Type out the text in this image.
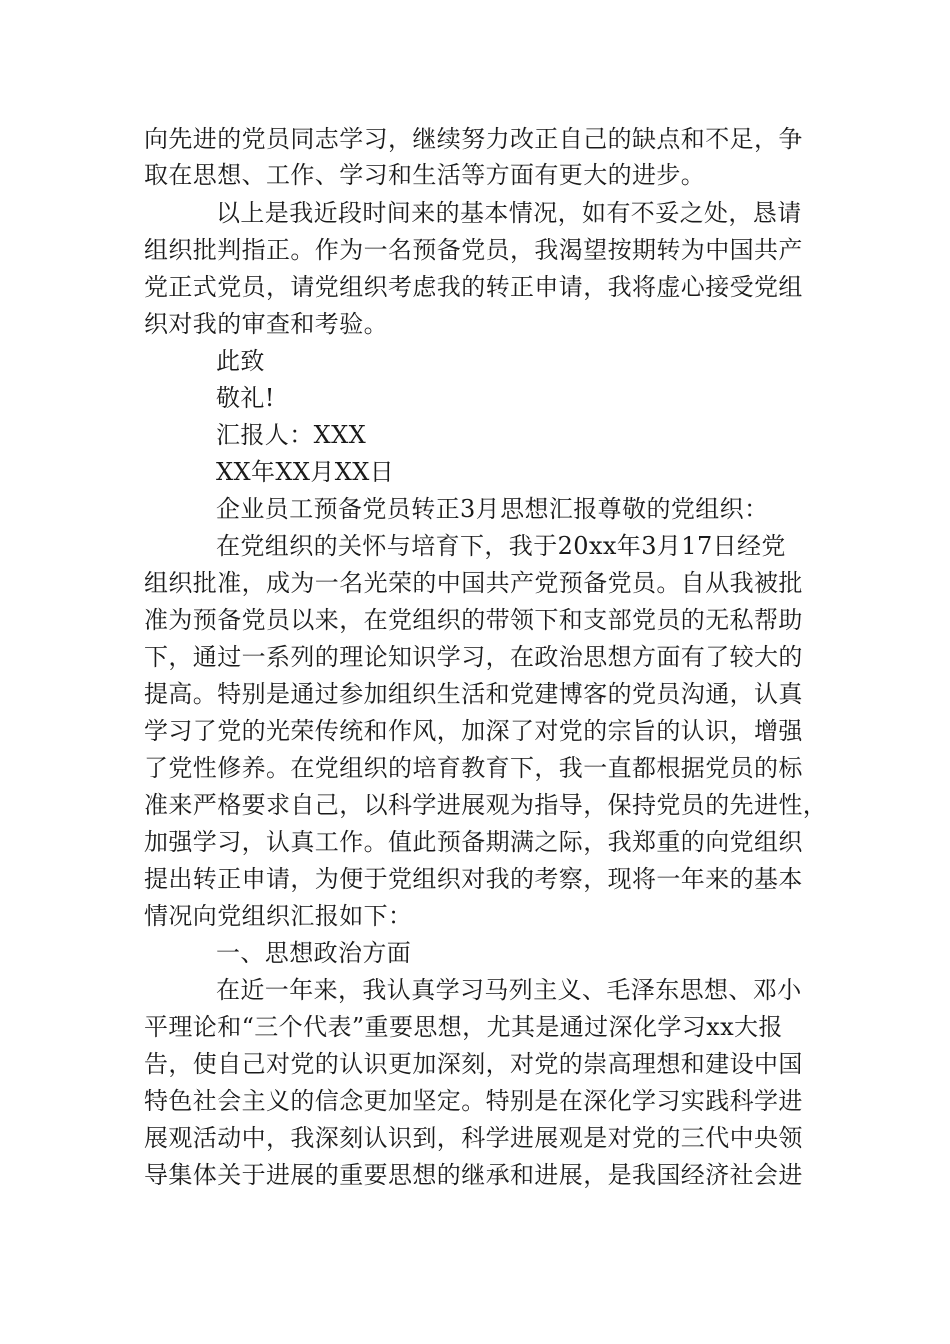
向先进的党员同志学习，继续努力改正自己的缺点和不足，争
取在思想、工作、学习和生活等方面有更大的进步。
以上是我近段时间来的基本情况，如有不妥之处，恳请
组织批判指正。作为一名预备党员，我渴望按期转为中国共产
党正式党员，请党组织考虑我的转正申请，我将虚心接受党组
织对我的审查和考验。
此致
敬礼!
汇报人：XXX
XX年XX月XX日
企业员工预备党员转正3月思想汇报尊敬的党组织：
在党组织的关怀与培育下，我于20xx年3月17日经党
组织批准，成为一名光荣的中国共产党预备党员。自从我被批
准为预备党员以来，在党组织的带领下和支部党员的无私帮助
下，通过一系列的理论知识学习，在政治思想方面有了较大的
提高。特别是通过参加组织生活和党建博客的党员沟通，认真
学习了党的光荣传统和作风，加深了对党的宗旨的认识，增强
了党性修养。在党组织的培育教育下，我一直都根据党员的标
准来严格要求自己，以科学进展观为指导，保持党员的先进性，
加强学习，认真工作。值此预备期满之际，我郑重的向党组织
提出转正申请，为便于党组织对我的考察，现将一年来的基本
情况向党组织汇报如下：
一、思想政治方面
在近一年来，我认真学习马列主义、毛泽东思想、邓小
平理论和“三个代表”重要思想，尤其是通过深化学习xx大报
告，使自己对党的认识更加深刻，对党的崇高理想和建设中国
特色社会主义的信念更加坚定。特别是在深化学习实践科学进
展观活动中，我深刻认识到，科学进展观是对党的三代中央领
导集体关于进展的重要思想的继承和进展，是我国经济社会进
